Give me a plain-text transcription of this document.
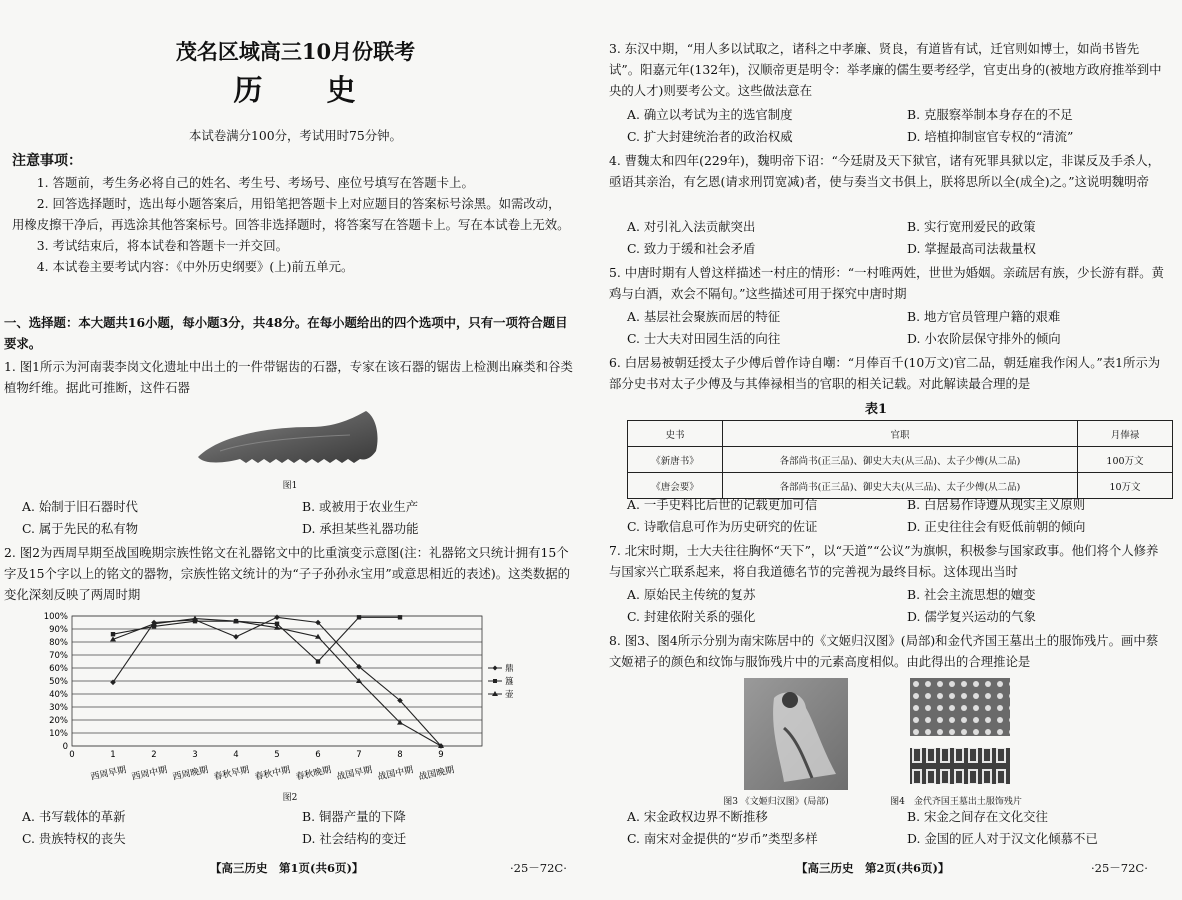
茂名区域高三10月份联考
历　　史
本试卷满分100分，考试用时75分钟。
注意事项：

1. 答题前，考生务必将自己的姓名、考生号、考场号、座位号填写在答题卡上。

2. 回答选择题时，选出每小题答案后，用铅笔把答题卡上对应题目的答案标号涂黑。如需改动，用橡皮擦干净后，再选涂其他答案标号。回答非选择题时，将答案写在答题卡上。写在本试卷上无效。

3. 考试结束后，将本试卷和答题卡一并交回。

4. 本试卷主要考试内容：《中外历史纲要》(上)前五单元。

一、选择题：本大题共16小题，每小题3分，共48分。在每小题给出的四个选项中，只有一项符合题目要求。

1. 图1所示为河南裴李岗文化遗址中出土的一件带锯齿的石器，专家在该石器的锯齿上检测出麻类和谷类植物纤维。据此可推断，这件石器

图1
A. 始制于旧石器时代	B. 或被用于农业生产
C. 属于先民的私有物	D. 承担某些礼器功能

2. 图2为西周早期至战国晚期宗族性铭文在礼器铭文中的比重演变示意图(注：礼器铭文只统计拥有15个字及15个字以上的铭文的器物，宗族性铭文统计的为“子子孙孙永宝用”或意思相近的表述)。这类数据的变化深刻反映了两周时期

0
10%
20%
30%
40%
50%
60%
70%
80%
90%
100%
0	1	2	3	4	5	6	7	8	9
西周早期 西周中期 西周晚期 春秋早期 春秋中期 春秋晚期 战国早期 战国中期 战国晚期
鼎
簋
壶
图2
A. 书写载体的革新	B. 铜器产量的下降
C. 贵族特权的丧失	D. 社会结构的变迁
【高三历史　第1页(共6页)】	·25－72C·

3. 东汉中期，“用人多以试取之，诸科之中孝廉、贤良，有道皆有试，迁官则如博士，如尚书皆先试”。阳嘉元年(132年)，汉顺帝更是明令：举孝廉的儒生要考经学，官吏出身的(被地方政府推举到中央的人才)则要考公文。这些做法意在

A. 确立以考试为主的选官制度	B. 克服察举制本身存在的不足
C. 扩大封建统治者的政治权威	D. 培植抑制宦官专权的“清流”

4. 曹魏太和四年(229年)，魏明帝下诏：“今廷尉及天下狱官，诸有死罪具狱以定，非谋反及手杀人，亟语其亲治，有乞恩(请求刑罚宽减)者，使与奏当文书俱上，朕将思所以全(成全)之。”这说明魏明帝

A. 对引礼入法贡献突出	B. 实行宽刑爱民的政策
C. 致力于缓和社会矛盾	D. 掌握最高司法裁量权

5. 中唐时期有人曾这样描述一村庄的情形：“一村唯两姓，世世为婚姻。亲疏居有族，少长游有群。黄鸡与白酒，欢会不隔旬。”这些描述可用于探究中唐时期

A. 基层社会聚族而居的特征	B. 地方官员管理户籍的艰难
C. 士大夫对田园生活的向往	D. 小农阶层保守排外的倾向

6. 白居易被朝廷授太子少傅后曾作诗自嘲：“月俸百千(10万文)官二品，朝廷雇我作闲人。”表1所示为部分史书对太子少傅及与其俸禄相当的官职的相关记载。对此解读最合理的是

表1
史书	官职	月俸禄
《新唐书》	各部尚书(正三品)、御史大夫(从三品)、太子少傅(从二品)	100万文
《唐会要》	各部尚书(正三品)、御史大夫(从三品)、太子少傅(从二品)	10万文
A. 一手史料比后世的记载更加可信	B. 白居易作诗遵从现实主义原则
C. 诗歌信息可作为历史研究的佐证	D. 正史往往会有贬低前朝的倾向

7. 北宋时期，士大夫往往胸怀“天下”，以“天道”“公议”为旗帜，积极参与国家政事。他们将个人修养与国家兴亡联系起来，将自我道德名节的完善视为最终目标。这体现出当时

A. 原始民主传统的复苏	B. 社会主流思想的嬗变
C. 封建依附关系的强化	D. 儒学复兴运动的气象

8. 图3、图4所示分别为南宋陈居中的《文姬归汉图》(局部)和金代齐国王墓出土的服饰残片。画中蔡文姬裙子的颜色和纹饰与服饰残片中的元素高度相似。由此得出的合理推论是

图3 《文姬归汉图》(局部)	图4　金代齐国王墓出土服饰残片
A. 宋金政权边界不断推移	B. 宋金之间存在文化交往
C. 南宋对金提供的“岁币”类型多样	D. 金国的匠人对于汉文化倾慕不已
【高三历史　第2页(共6页)】	·25－72C·
